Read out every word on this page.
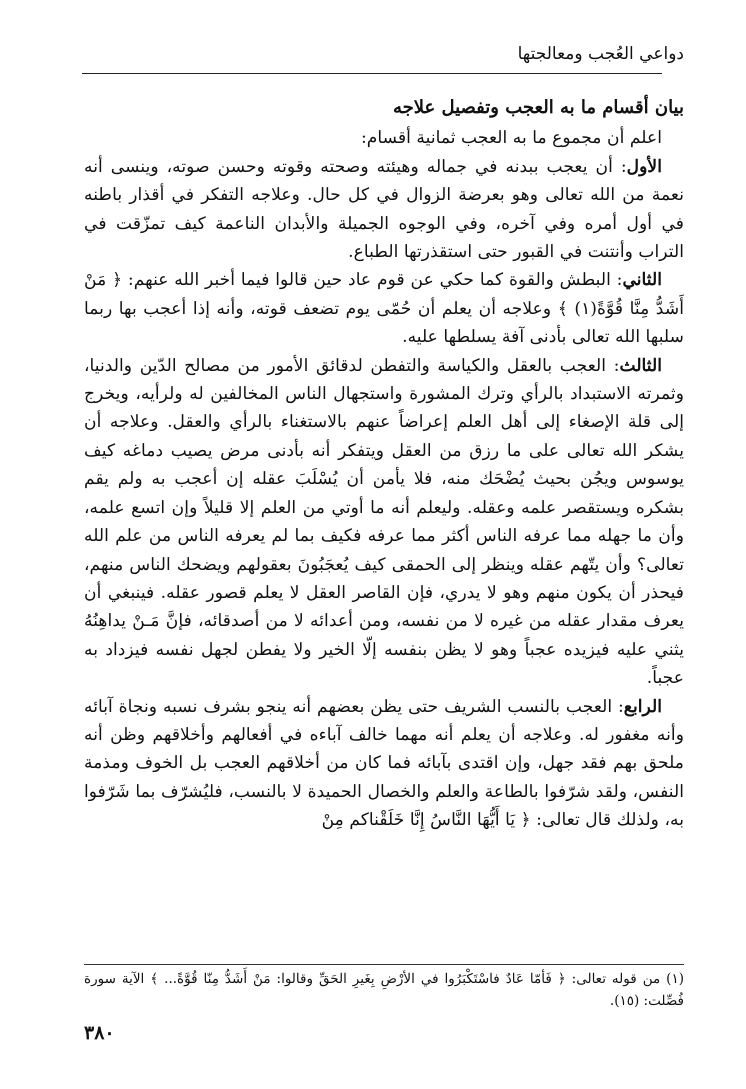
دواعي العُجب ومعالجتها

بيان أقسام ما به العجب وتفصيل علاجه

اعلم أن مجموع ما به العجب ثمانية أقسام:

الأول: أن يعجب ببدنه في جماله وهيئته وصحته وقوته وحسن صوته، وينسى أنه نعمة من الله تعالى وهو بعرضة الزوال في كل حال. وعلاجه التفكر في أقذار باطنه في أول أمره وفي آخره، وفي الوجوه الجميلة والأبدان الناعمة كيف تمزّقت في التراب وأنتنت في القبور حتى استقذرتها الطباع.

الثاني: البطش والقوة كما حكي عن قوم عاد حين قالوا فيما أخبر الله عنهم: ﴿ مَنْ أَشَدُّ مِنَّا قُوَّةً(١) ﴾ وعلاجه أن يعلم أن حُمّى يوم تضعف قوته، وأنه إذا أعجب بها ربما سلبها الله تعالى بأدنى آفة يسلطها عليه.

الثالث: العجب بالعقل والكياسة والتفطن لدقائق الأمور من مصالح الدّين والدنيا، وثمرته الاستبداد بالرأي وترك المشورة واستجهال الناس المخالفين له ولرأيه، ويخرج إلى قلة الإصغاء إلى أهل العلم إعراضاً عنهم بالاستغناء بالرأي والعقل. وعلاجه أن يشكر الله تعالى على ما رزق من العقل ويتفكر أنه بأدنى مرض يصيب دماغه كيف يوسوس ويجُن بحيث يُضْحَك منه، فلا يأمن أن يُسْلَبَ عقله إن أعجب به ولم يقم بشكره ويستقصر علمه وعقله. وليعلم أنه ما أوتي من العلم إلا قليلاً وإن اتسع علمه، وأن ما جهله مما عرفه الناس أكثر مما عرفه فكيف بما لم يعرفه الناس من علم الله تعالى؟ وأن يتّهم عقله وينظر إلى الحمقى كيف يُعجَبُونَ بعقولهم ويضحك الناس منهم، فيحذر أن يكون منهم وهو لا يدري، فإن القاصر العقل لا يعلم قصور عقله. فينبغي أن يعرف مقدار عقله من غيره لا من نفسه، ومن أعدائه لا من أصدقائه، فإنَّ مَـنْ يداهِنُهُ يثني عليه فيزيده عجباً وهو لا يظن بنفسه إلّا الخير ولا يفطن لجهل نفسه فيزداد به عجباً.

الرابع: العجب بالنسب الشريف حتى يظن بعضهم أنه ينجو بشرف نسبه ونجاة آبائه وأنه مغفور له. وعلاجه أن يعلم أنه مهما خالف آباءه في أفعالهم وأخلاقهم وظن أنه ملحق بهم فقد جهل، وإن اقتدى بآبائه فما كان من أخلاقهم العجب بل الخوف ومذمة النفس، ولقد شرّفوا بالطاعة والعلم والخصال الحميدة لا بالنسب، فليُشرّف بما شَرّفوا به، ولذلك قال تعالى: ﴿ يَا أَيُّهَا النَّاسُ إِنَّا خَلَقْناكم مِنْ

(١) من قوله تعالى: ﴿ فَأمّا عَادٌ فاسْتَكْبَرُوا في الأرْضِ بِغَيرِ الحَقِّ وقالوا: مَنْ أَشَدُّ مِنّا قُوَّةً... ﴾ الآية سورة فُصِّلت: (١٥).
٣٨٠
